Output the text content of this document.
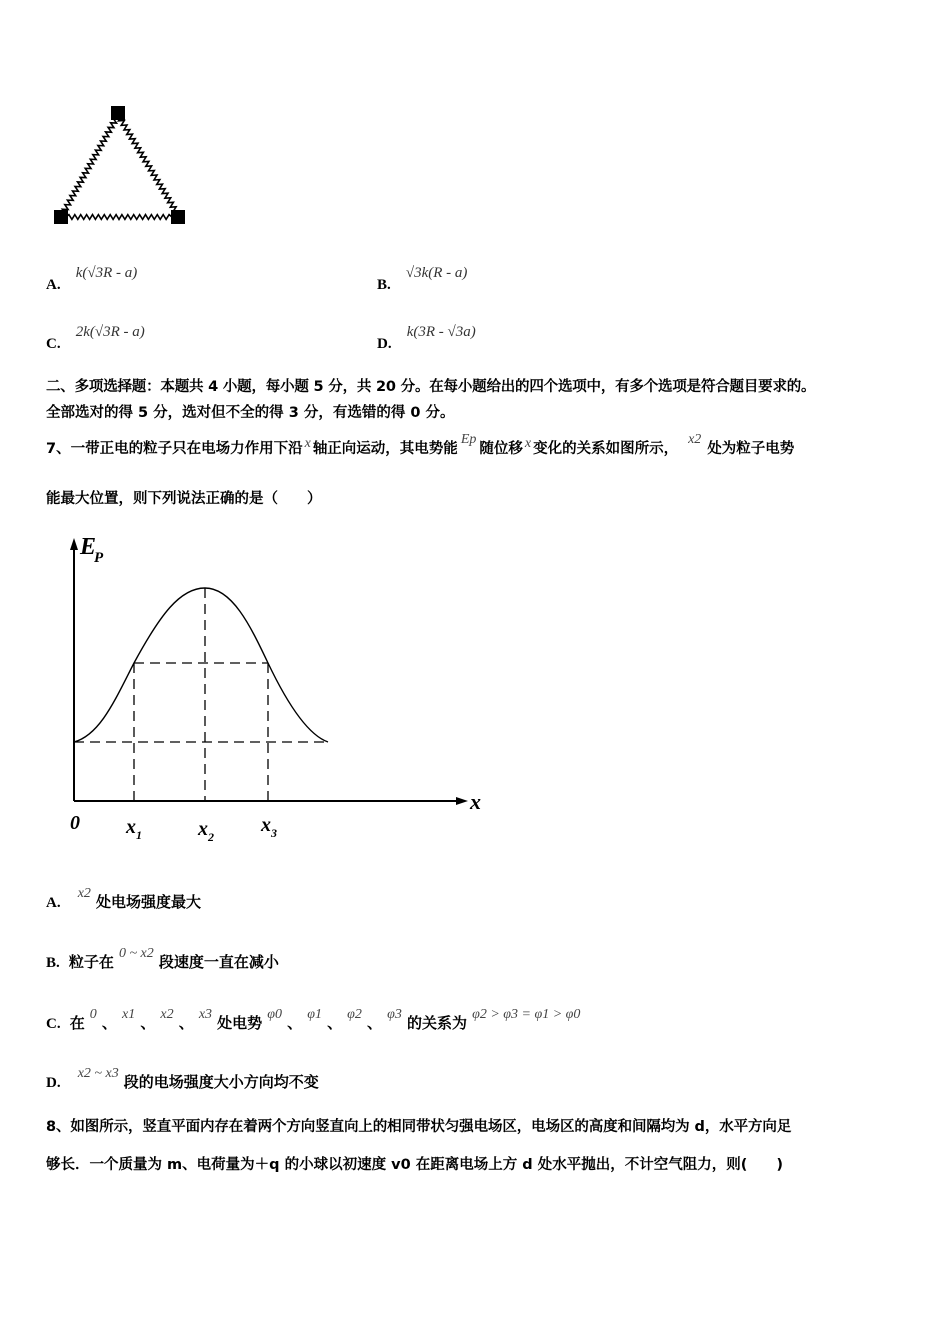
A. k(√3R - a)
B. √3k(R - a)
C. 2k(√3R - a)
D. k(3R - √3a)
二、多项选择题：本题共 4 小题，每小题 5 分，共 20 分。在每小题给出的四个选项中，有多个选项是符合题目要求的。
全部选对的得 5 分，选对但不全的得 3 分，有选错的得 0 分。
7、一带正电的粒子只在电场力作用下沿 x 轴正向运动，其电势能Ep随位移 x 变化的关系如图所示，x2处为粒子电势
能最大位置，则下列说法正确的是（　　）
E
P
x
0 $x_1$	$x_2$
$x_3$
A. x2 处电场强度最大
B. 粒子在 0 ~ x2 段速度一直在减小
C. 在 0 、 x1 、 x2 、 x3 处电势 φ0 、 φ1 、 φ2 、 φ3 的关系为 φ2 > φ3 = φ1 > φ0
D. x2 ~ x3 段的电场强度大小方向均不变
8、如图所示，竖直平面内存在着两个方向竖直向上的相同带状匀强电场区，电场区的高度和间隔均为 d，水平方向足
够长．一个质量为 m、电荷量为＋q 的小球以初速度 v0 在距离电场上方 d 处水平抛出，不计空气阻力，则(　　)
